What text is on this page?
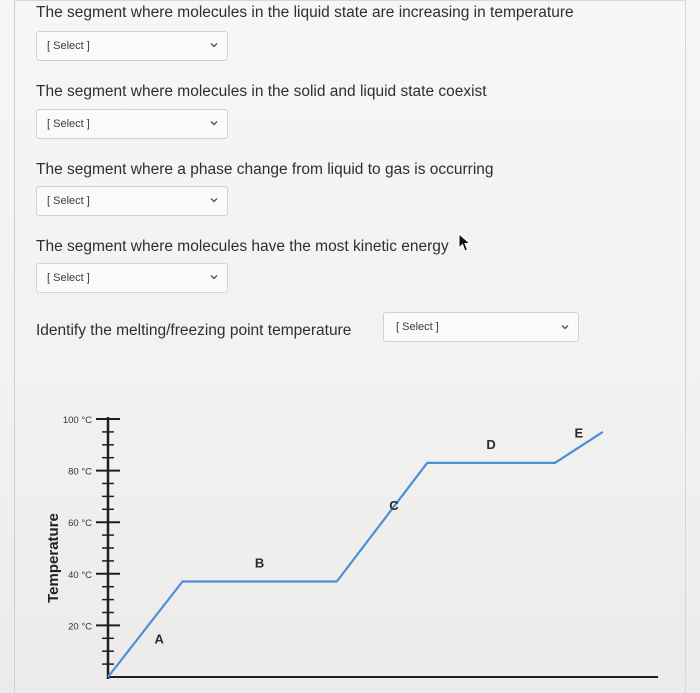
The segment where molecules in the liquid state are increasing in temperature
[ Select ]
The segment where molecules in the solid and liquid state coexist
[ Select ]
The segment where a phase change from liquid to gas is occurring
[ Select ]
The segment where molecules have the most kinetic energy
[ Select ]
Identify the melting/freezing point temperature	[ Select ]
100 °C
80 °C
60 °C
40 °C
20 °C
Temperature
A
B
C
D
E
